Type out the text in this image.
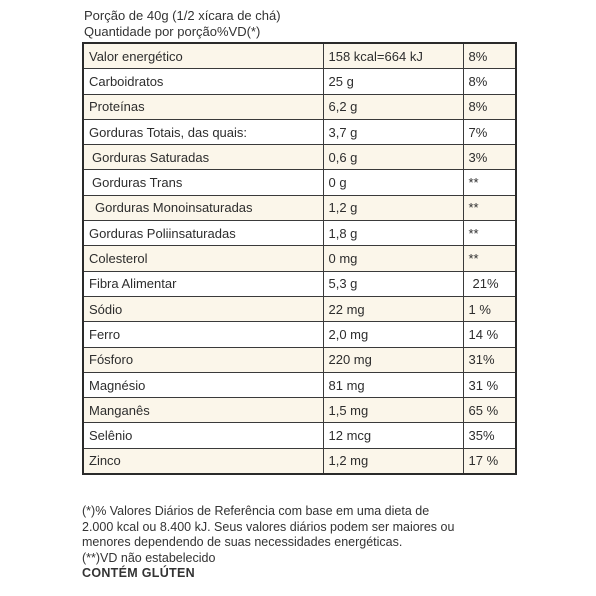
Porção de 40g (1/2 xícara de chá)
Quantidade por porção%VD(*)
Valor energético	158 kcal=664 kJ	8%
Carboidratos	25 g	8%
Proteínas	6,2 g	8%
Gorduras Totais, das quais:	3,7 g	7%
Gorduras Saturadas	0,6 g	3%
Gorduras Trans	0 g	**
Gorduras Monoinsaturadas	1,2 g	**
Gorduras Poliinsaturadas	1,8 g	**
Colesterol	0 mg	**
Fibra Alimentar	5,3 g	21%
Sódio	22 mg	1 %
Ferro	2,0 mg	14 %
Fósforo	220 mg	31%
Magnésio	81 mg	31 %
Manganês	1,5 mg	65 %
Selênio	12 mcg	35%
Zinco	1,2 mg	17 %

(*)% Valores Diários de Referência com base em uma dieta de

2.000 kcal ou 8.400 kJ. Seus valores diários podem ser maiores ou

menores dependendo de suas necessidades energéticas.

(**)VD não estabelecido

CONTÉM GLÚTEN
